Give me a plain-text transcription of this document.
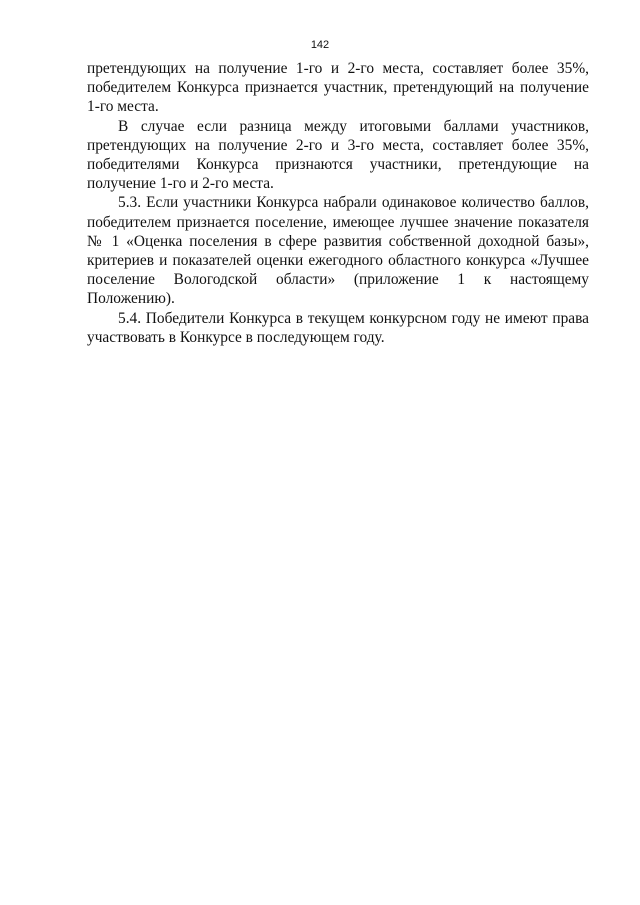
142

претендующих на получение 1-го и 2-го места, составляет более 35%, победителем Конкурса признается участник, претендующий на получение 1-го места.

В случае если разница между итоговыми баллами участников, претендующих на получение 2-го и 3-го места, составляет более 35%, победителями Конкурса признаются участники, претендующие на получение 1-го и 2-го места.

5.3. Если участники Конкурса набрали одинаковое количество баллов, победителем признается поселение, имеющее лучшее значение показателя № 1 «Оценка поселения в сфере развития собственной доходной базы», критериев и показателей оценки ежегодного областного конкурса «Лучшее поселение Вологодской области» (приложение 1 к настоящему Положению).

5.4. Победители Конкурса в текущем конкурсном году не имеют права участвовать в Конкурсе в последующем году.
